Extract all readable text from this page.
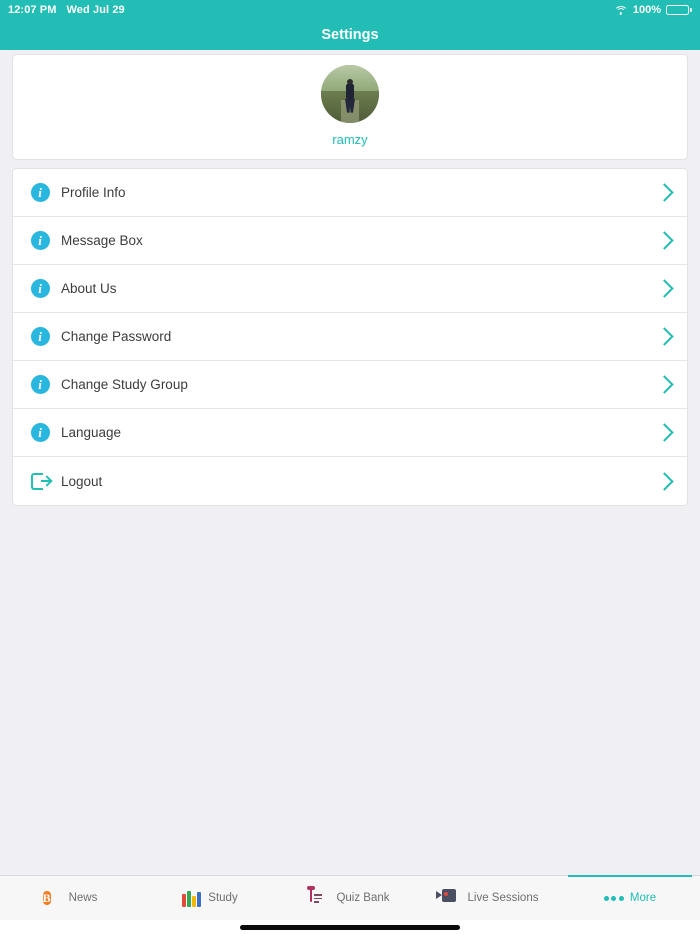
12:07 PM Wed Jul 29	100%
Settings
ramzy
i	Profile Info
i	Message Box
i	About Us
i	Change Password
i	Change Study Group
i	Language
Logout
B	News	Study	Quiz Bank	Live Sessions	More
